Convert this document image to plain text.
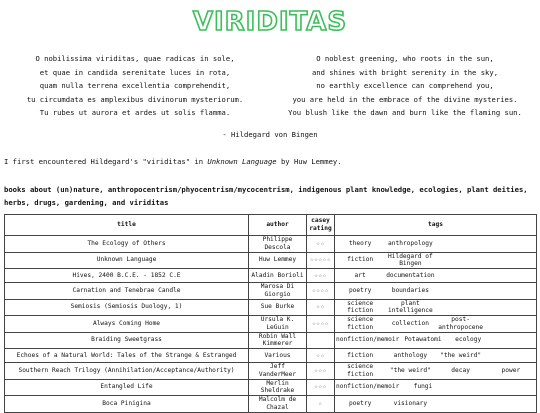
VIRIDITAS
O nobilissima viriditas, quae radicas in sole,	O noblest greening, who roots in the sun,
et quae in candida serenitate luces in rota,	and shines with bright serenity in the sky,
quam nulla terrena excellentia comprehendit,	no earthly excellence can comprehend you,
tu circumdata es amplexibus divinorum mysteriorum.	you are held in the embrace of the divine mysteries.
Tu rubes ut aurora et ardes ut solis flamma.	You blush like the dawn and burn like the flaming sun.
- Hildegard von Bingen
I first encountered Hildegard's "viriditas" in Unknown Language by Huw Lemmey.
books about (un)nature, anthropocentrism/phyocentrism/mycocentrism, indigenous plant knowledge, ecologies, plant deities, herbs, drugs, gardening, and viriditas
title	author	casey rating	tags
The Ecology of Others	Philippe Descola	☆☆	theory anthropology

Unknown Language	Huw Lemmey	☆☆☆☆☆	fiction
Hildegard of Bingen

Hives, 2400 B.C.E. - 1852 C.E	Aladin Borioli	☆☆☆	art documentation

Carnation and Tenebrae Candle	Marosa Di Giorgio	☆☆☆☆	poetry boundaries

Semiosis (Semiosis Duology, 1)	Sue Burke	☆☆	science fiction
plant intelligence

Always Coming Home	Ursula K. LeGuin	☆☆☆☆	science fiction
collection
post-anthropocene

Braiding Sweetgrass	Robin Wall Kimmerer		nonfiction/memoir Potawatomi ecology

Echoes of a Natural World: Tales of the Strange & Estranged	Various	☆☆	fiction anthology "the weird"

Southern Reach Trilogy (Annihilation/Acceptance/Authority)	Jeff VanderMeer	☆☆☆	science fiction
"the weird" decay power

Entangled Life	Merlin Sheldrake	☆☆☆	nonfiction/memoir fungi

Boca Pinigina	Malcolm de Chazal	☆	poetry visionary
